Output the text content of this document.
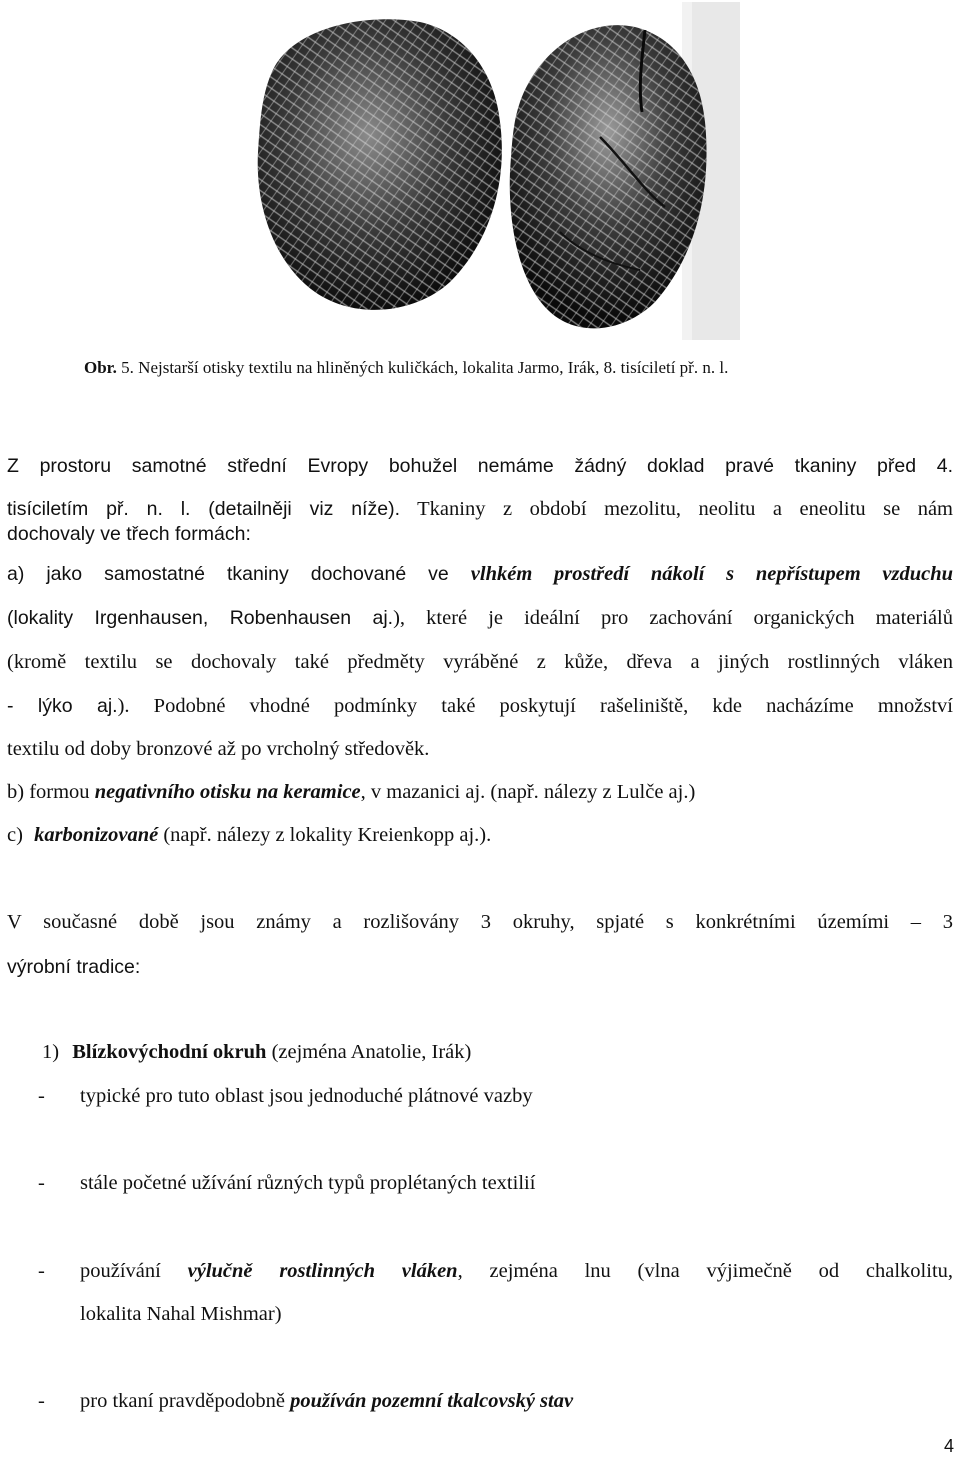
Obr. 5. Nejstarší otisky textilu na hliněných kuličkách, lokalita Jarmo, Irák, 8. tisíciletí př. n. l.
Z prostoru samotné střední Evropy bohužel nemáme žádný doklad pravé tkaniny před 4.
tisíciletím př. n. l. (detailněji viz níže). Tkaniny z období mezolitu, neolitu a eneolitu se nám
dochovaly ve třech formách:
a) jako samostatné tkaniny dochované ve vlhkém prostředí nákolí s nepřístupem vzduchu
(lokality Irgenhausen, Robenhausen aj.), které je ideální pro zachování organických materiálů
(kromě textilu se dochovaly také předměty vyráběné z kůže, dřeva a jiných rostlinných vláken
- lýko aj.). Podobné vhodné podmínky také poskytují rašeliniště, kde nacházíme množství
textilu od doby bronzové až po vrcholný středověk.
b) formou negativního otisku na keramice, v mazanici aj. (např. nálezy z Lulče aj.)
c) karbonizované (např. nálezy z lokality Kreienkopp aj.).
V současné době jsou známy a rozlišovány 3 okruhy, spjaté s konkrétními územími – 3
výrobní tradice:
1) Blízkovýchodní okruh (zejména Anatolie, Irák)
- typické pro tuto oblast jsou jednoduché plátnové vazby
- stále početné užívání různých typů proplétaných textilií
- používání výlučně rostlinných vláken, zejména lnu (vlna výjimečně od chalkolitu,
lokalita Nahal Mishmar)
- pro tkaní pravděpodobně používán pozemní tkalcovský stav
4
